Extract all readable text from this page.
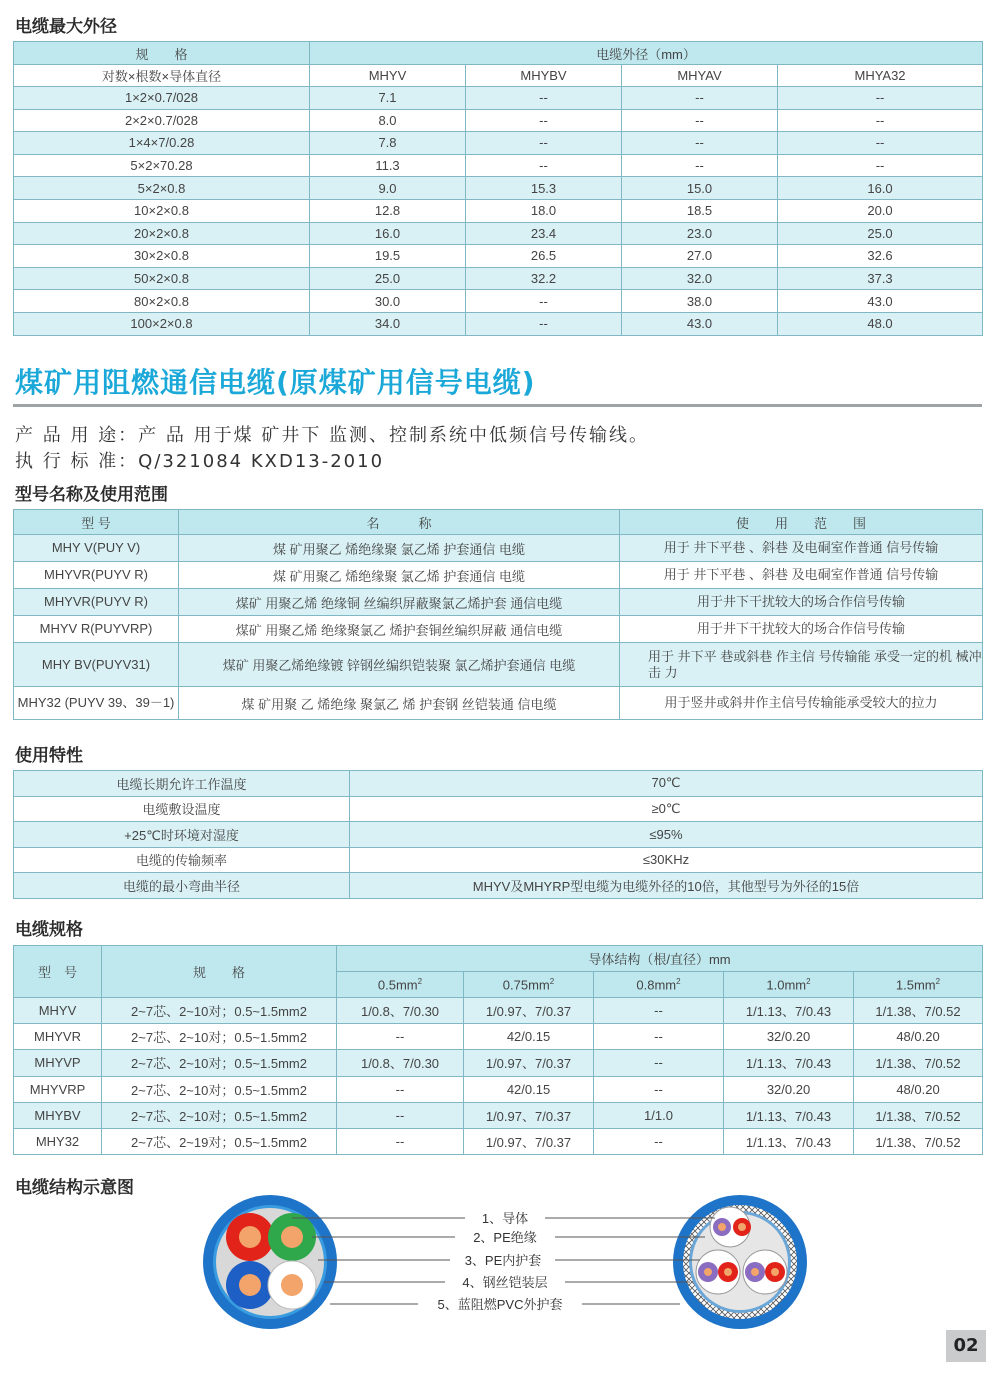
电缆最大外径
规　　格	电缆外径（mm）			
对数×根数×导体直径	MHYV	MHYBV	MHYAV	MHYA32
1×2×0.7/028	7.1	--	--	--
2×2×0.7/028	8.0	--	--	--
1×4×7/0.28	7.8	--	--	--
5×2×70.28	11.3	--	--	--
5×2×0.8	9.0	15.3	15.0	16.0
10×2×0.8	12.8	18.0	18.5	20.0
20×2×0.8	16.0	23.4	23.0	25.0
30×2×0.8	19.5	26.5	27.0	32.6
50×2×0.8	25.0	32.2	32.0	37.3
80×2×0.8	30.0	--	38.0	43.0
100×2×0.8	34.0	--	43.0	48.0
煤矿用阻燃通信电缆(原煤矿用信号电缆)
产 品 用 途：产 品 用于煤 矿井下 监测、控制系统中低频信号传输线。
执 行 标 准：Q/321084 KXD13-2010
型号名称及使用范围
型 号	名　　　称	使　　用　　范　　围
MHY V(PUY V)	煤 矿用聚乙 烯绝缘聚 氯乙烯 护套通信 电缆	用于 井下平巷 、斜巷 及电硐室作普通 信号传输
MHYVR(PUYV R)	煤 矿用聚乙 烯绝缘聚 氯乙烯 护套通信 电缆	用于 井下平巷 、斜巷 及电硐室作普通 信号传输
MHYVR(PUYV R)	煤矿 用聚乙烯 绝缘铜 丝编织屏蔽聚氯乙烯护套 通信电缆	用于井下干扰较大的场合作信号传输
MHYV R(PUYVRP)	煤矿 用聚乙烯 绝缘聚氯乙 烯护套铜丝编织屏蔽 通信电缆	用于井下干扰较大的场合作信号传输
MHY BV(PUYV31)	煤矿 用聚乙烯绝缘镀 锌钢丝编织铠装聚 氯乙烯护套通信 电缆	用于 井下平 巷或斜巷 作主信 号传输能 承受一定的机 械冲击 力
MHY32 (PUYV 39、39－1)	煤 矿用聚 乙 烯绝缘 聚氯乙 烯 护套钢 丝铠装通 信电缆	用于竖井或斜井作主信号传输能承受较大的拉力
使用特性
电缆长期允许工作温度	70℃
电缆敷设温度	≥0℃
+25℃时环境对湿度	≤95%
电缆的传输频率	≤30KHz
电缆的最小弯曲半径	MHYV及MHYRP型电缆为电缆外径的10倍，其他型号为外径的15倍
电缆规格
型　号	规　　格	导体结构（根/直径）mm				
		$0.5mm^2$	$0.75mm^2$	$0.8mm^2$	$1.0mm^2$	$1.5mm^2$
MHYV	2~7芯、2~10对；0.5~1.5mm2	1/0.8、7/0.30	1/0.97、7/0.37	--	1/1.13、7/0.43	1/1.38、7/0.52
MHYVR	2~7芯、2~10对；0.5~1.5mm2	--	42/0.15	--	32/0.20	48/0.20
MHYVP	2~7芯、2~10对；0.5~1.5mm2	1/0.8、7/0.30	1/0.97、7/0.37	--	1/1.13、7/0.43	1/1.38、7/0.52
MHYVRP	2~7芯、2~10对；0.5~1.5mm2	--	42/0.15	--	32/0.20	48/0.20
MHYBV	2~7芯、2~10对；0.5~1.5mm2	--	1/0.97、7/0.37	1/1.0	1/1.13、7/0.43	1/1.38、7/0.52
MHY32	2~7芯、2~19对；0.5~1.5mm2	--	1/0.97、7/0.37	--	1/1.13、7/0.43	1/1.38、7/0.52
电缆结构示意图
1、导体
2、PE绝缘
3、PE内护套
4、钢丝铠装层
5、蓝阻燃PVC外护套
02
